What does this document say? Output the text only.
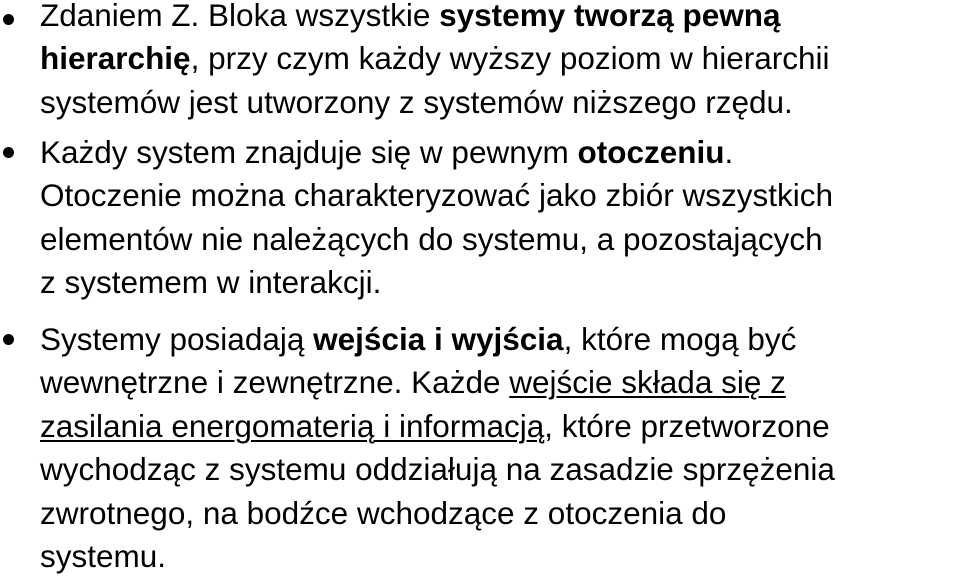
Zdaniem Z. Bloka wszystkie systemy tworzą pewną
hierarchię, przy czym każdy wyższy poziom w hierarchii
systemów jest utworzony z systemów niższego rzędu.
Każdy system znajduje się w pewnym otoczeniu.
Otoczenie można charakteryzować jako zbiór wszystkich
elementów nie należących do systemu, a pozostających
z systemem w interakcji.
Systemy posiadają wejścia i wyjścia, które mogą być
wewnętrzne i zewnętrzne. Każde wejście składa się z
zasilania energomaterią i informacją, które przetworzone
wychodząc z systemu oddziałują na zasadzie sprzężenia
zwrotnego, na bodźce wchodzące z otoczenia do
systemu.
